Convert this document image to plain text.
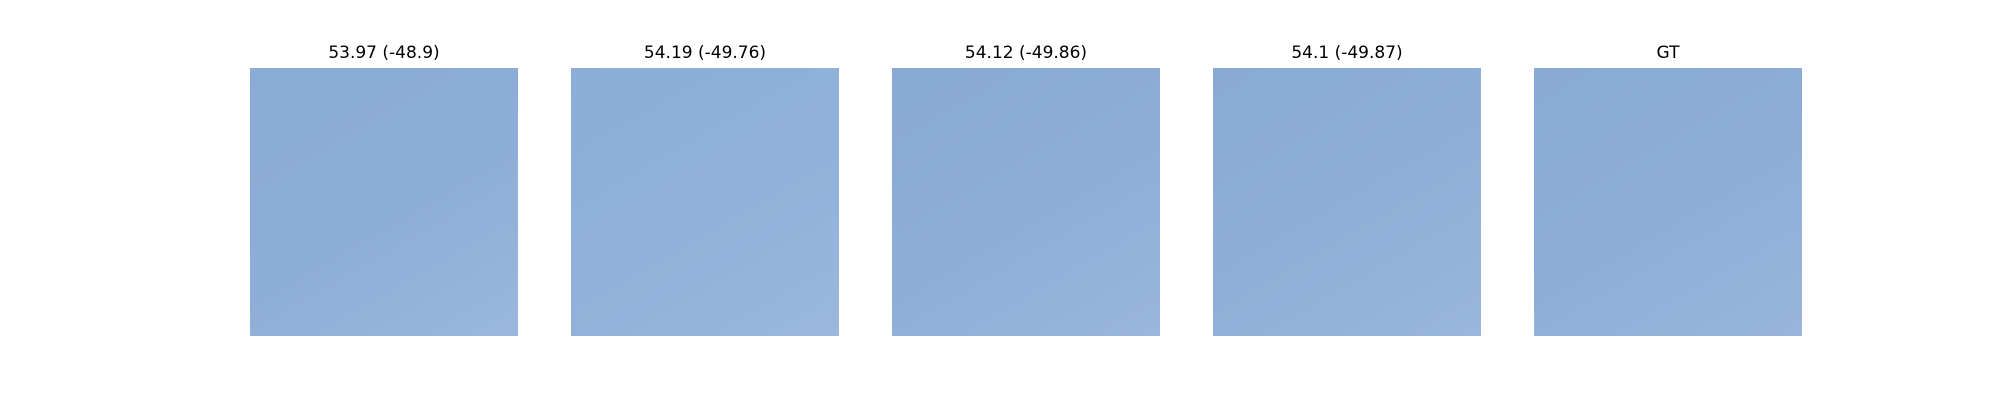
53.97 (-48.9)	54.19 (-49.76)	54.12 (-49.86)	54.1 (-49.87)	GT
